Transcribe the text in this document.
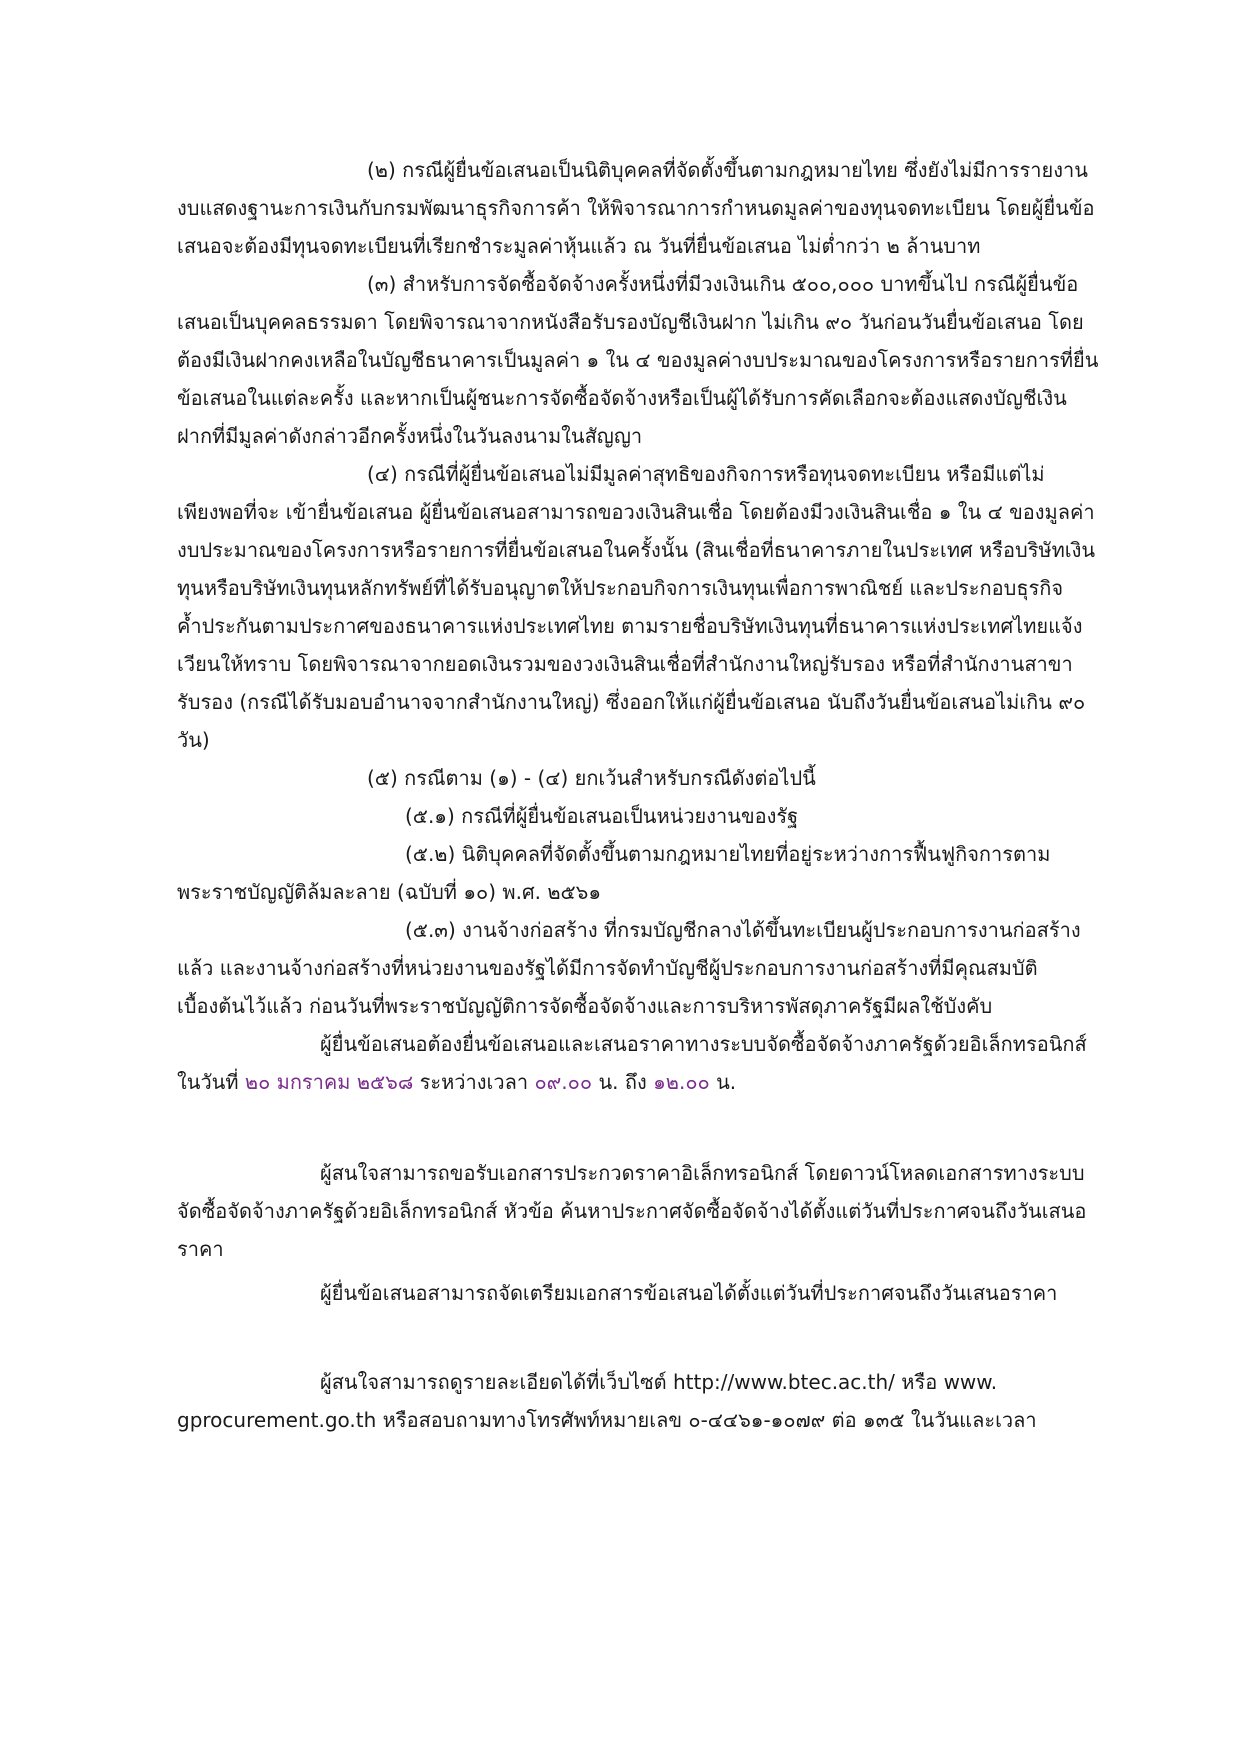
(๒) กรณีผู้ยื่นข้อเสนอเป็นนิติบุคคลที่จัดตั้งขึ้นตามกฎหมายไทย ซึ่งยังไม่มีการรายงาน
งบแสดงฐานะการเงินกับกรมพัฒนาธุรกิจการค้า ให้พิจารณาการกำหนดมูลค่าของทุนจดทะเบียน โดยผู้ยื่นข้อ
เสนอจะต้องมีทุนจดทะเบียนที่เรียกชำระมูลค่าหุ้นแล้ว ณ วันที่ยื่นข้อเสนอ ไม่ต่ำกว่า ๒ ล้านบาท
(๓) สำหรับการจัดซื้อจัดจ้างครั้งหนึ่งที่มีวงเงินเกิน ๕๐๐,๐๐๐ บาทขึ้นไป กรณีผู้ยื่นข้อ
เสนอเป็นบุคคลธรรมดา โดยพิจารณาจากหนังสือรับรองบัญชีเงินฝาก ไม่เกิน ๙๐ วันก่อนวันยื่นข้อเสนอ โดย
ต้องมีเงินฝากคงเหลือในบัญชีธนาคารเป็นมูลค่า ๑ ใน ๔ ของมูลค่างบประมาณของโครงการหรือรายการที่ยื่น
ข้อเสนอในแต่ละครั้ง และหากเป็นผู้ชนะการจัดซื้อจัดจ้างหรือเป็นผู้ได้รับการคัดเลือกจะต้องแสดงบัญชีเงิน
ฝากที่มีมูลค่าดังกล่าวอีกครั้งหนึ่งในวันลงนามในสัญญา
(๔) กรณีที่ผู้ยื่นข้อเสนอไม่มีมูลค่าสุทธิของกิจการหรือทุนจดทะเบียน หรือมีแต่ไม่
เพียงพอที่จะ เข้ายื่นข้อเสนอ ผู้ยื่นข้อเสนอสามารถขอวงเงินสินเชื่อ โดยต้องมีวงเงินสินเชื่อ ๑ ใน ๔ ของมูลค่า
งบประมาณของโครงการหรือรายการที่ยื่นข้อเสนอในครั้งนั้น (สินเชื่อที่ธนาคารภายในประเทศ หรือบริษัทเงิน
ทุนหรือบริษัทเงินทุนหลักทรัพย์ที่ได้รับอนุญาตให้ประกอบกิจการเงินทุนเพื่อการพาณิชย์ และประกอบธุรกิจ
ค้ำประกันตามประกาศของธนาคารแห่งประเทศไทย ตามรายชื่อบริษัทเงินทุนที่ธนาคารแห่งประเทศไทยแจ้ง
เวียนให้ทราบ โดยพิจารณาจากยอดเงินรวมของวงเงินสินเชื่อที่สำนักงานใหญ่รับรอง หรือที่สำนักงานสาขา
รับรอง (กรณีได้รับมอบอำนาจจากสำนักงานใหญ่) ซึ่งออกให้แก่ผู้ยื่นข้อเสนอ นับถึงวันยื่นข้อเสนอไม่เกิน ๙๐
วัน)
(๕) กรณีตาม (๑) - (๔) ยกเว้นสำหรับกรณีดังต่อไปนี้
(๕.๑) กรณีที่ผู้ยื่นข้อเสนอเป็นหน่วยงานของรัฐ
(๕.๒) นิติบุคคลที่จัดตั้งขึ้นตามกฎหมายไทยที่อยู่ระหว่างการฟื้นฟูกิจการตาม
พระราชบัญญัติล้มละลาย (ฉบับที่ ๑๐) พ.ศ. ๒๕๖๑
(๕.๓) งานจ้างก่อสร้าง ที่กรมบัญชีกลางได้ขึ้นทะเบียนผู้ประกอบการงานก่อสร้าง
แล้ว และงานจ้างก่อสร้างที่หน่วยงานของรัฐได้มีการจัดทำบัญชีผู้ประกอบการงานก่อสร้างที่มีคุณสมบัติ
เบื้องต้นไว้แล้ว ก่อนวันที่พระราชบัญญัติการจัดซื้อจัดจ้างและการบริหารพัสดุภาครัฐมีผลใช้บังคับ
ผู้ยื่นข้อเสนอต้องยื่นข้อเสนอและเสนอราคาทางระบบจัดซื้อจัดจ้างภาครัฐด้วยอิเล็กทรอนิกส์
ในวันที่ ๒๐ มกราคม ๒๕๖๘ ระหว่างเวลา ๐๙.๐๐ น. ถึง ๑๒.๐๐ น.
ผู้สนใจสามารถขอรับเอกสารประกวดราคาอิเล็กทรอนิกส์ โดยดาวน์โหลดเอกสารทางระบบ
จัดซื้อจัดจ้างภาครัฐด้วยอิเล็กทรอนิกส์ หัวข้อ ค้นหาประกาศจัดซื้อจัดจ้างได้ตั้งแต่วันที่ประกาศจนถึงวันเสนอ
ราคา
ผู้ยื่นข้อเสนอสามารถจัดเตรียมเอกสารข้อเสนอได้ตั้งแต่วันที่ประกาศจนถึงวันเสนอราคา
ผู้สนใจสามารถดูรายละเอียดได้ที่เว็บไซต์ http://www.btec.ac.th/ หรือ www.
gprocurement.go.th หรือสอบถามทางโทรศัพท์หมายเลข ๐-๔๔๖๑-๑๐๗๙ ต่อ ๑๓๕ ในวันและเวลา
